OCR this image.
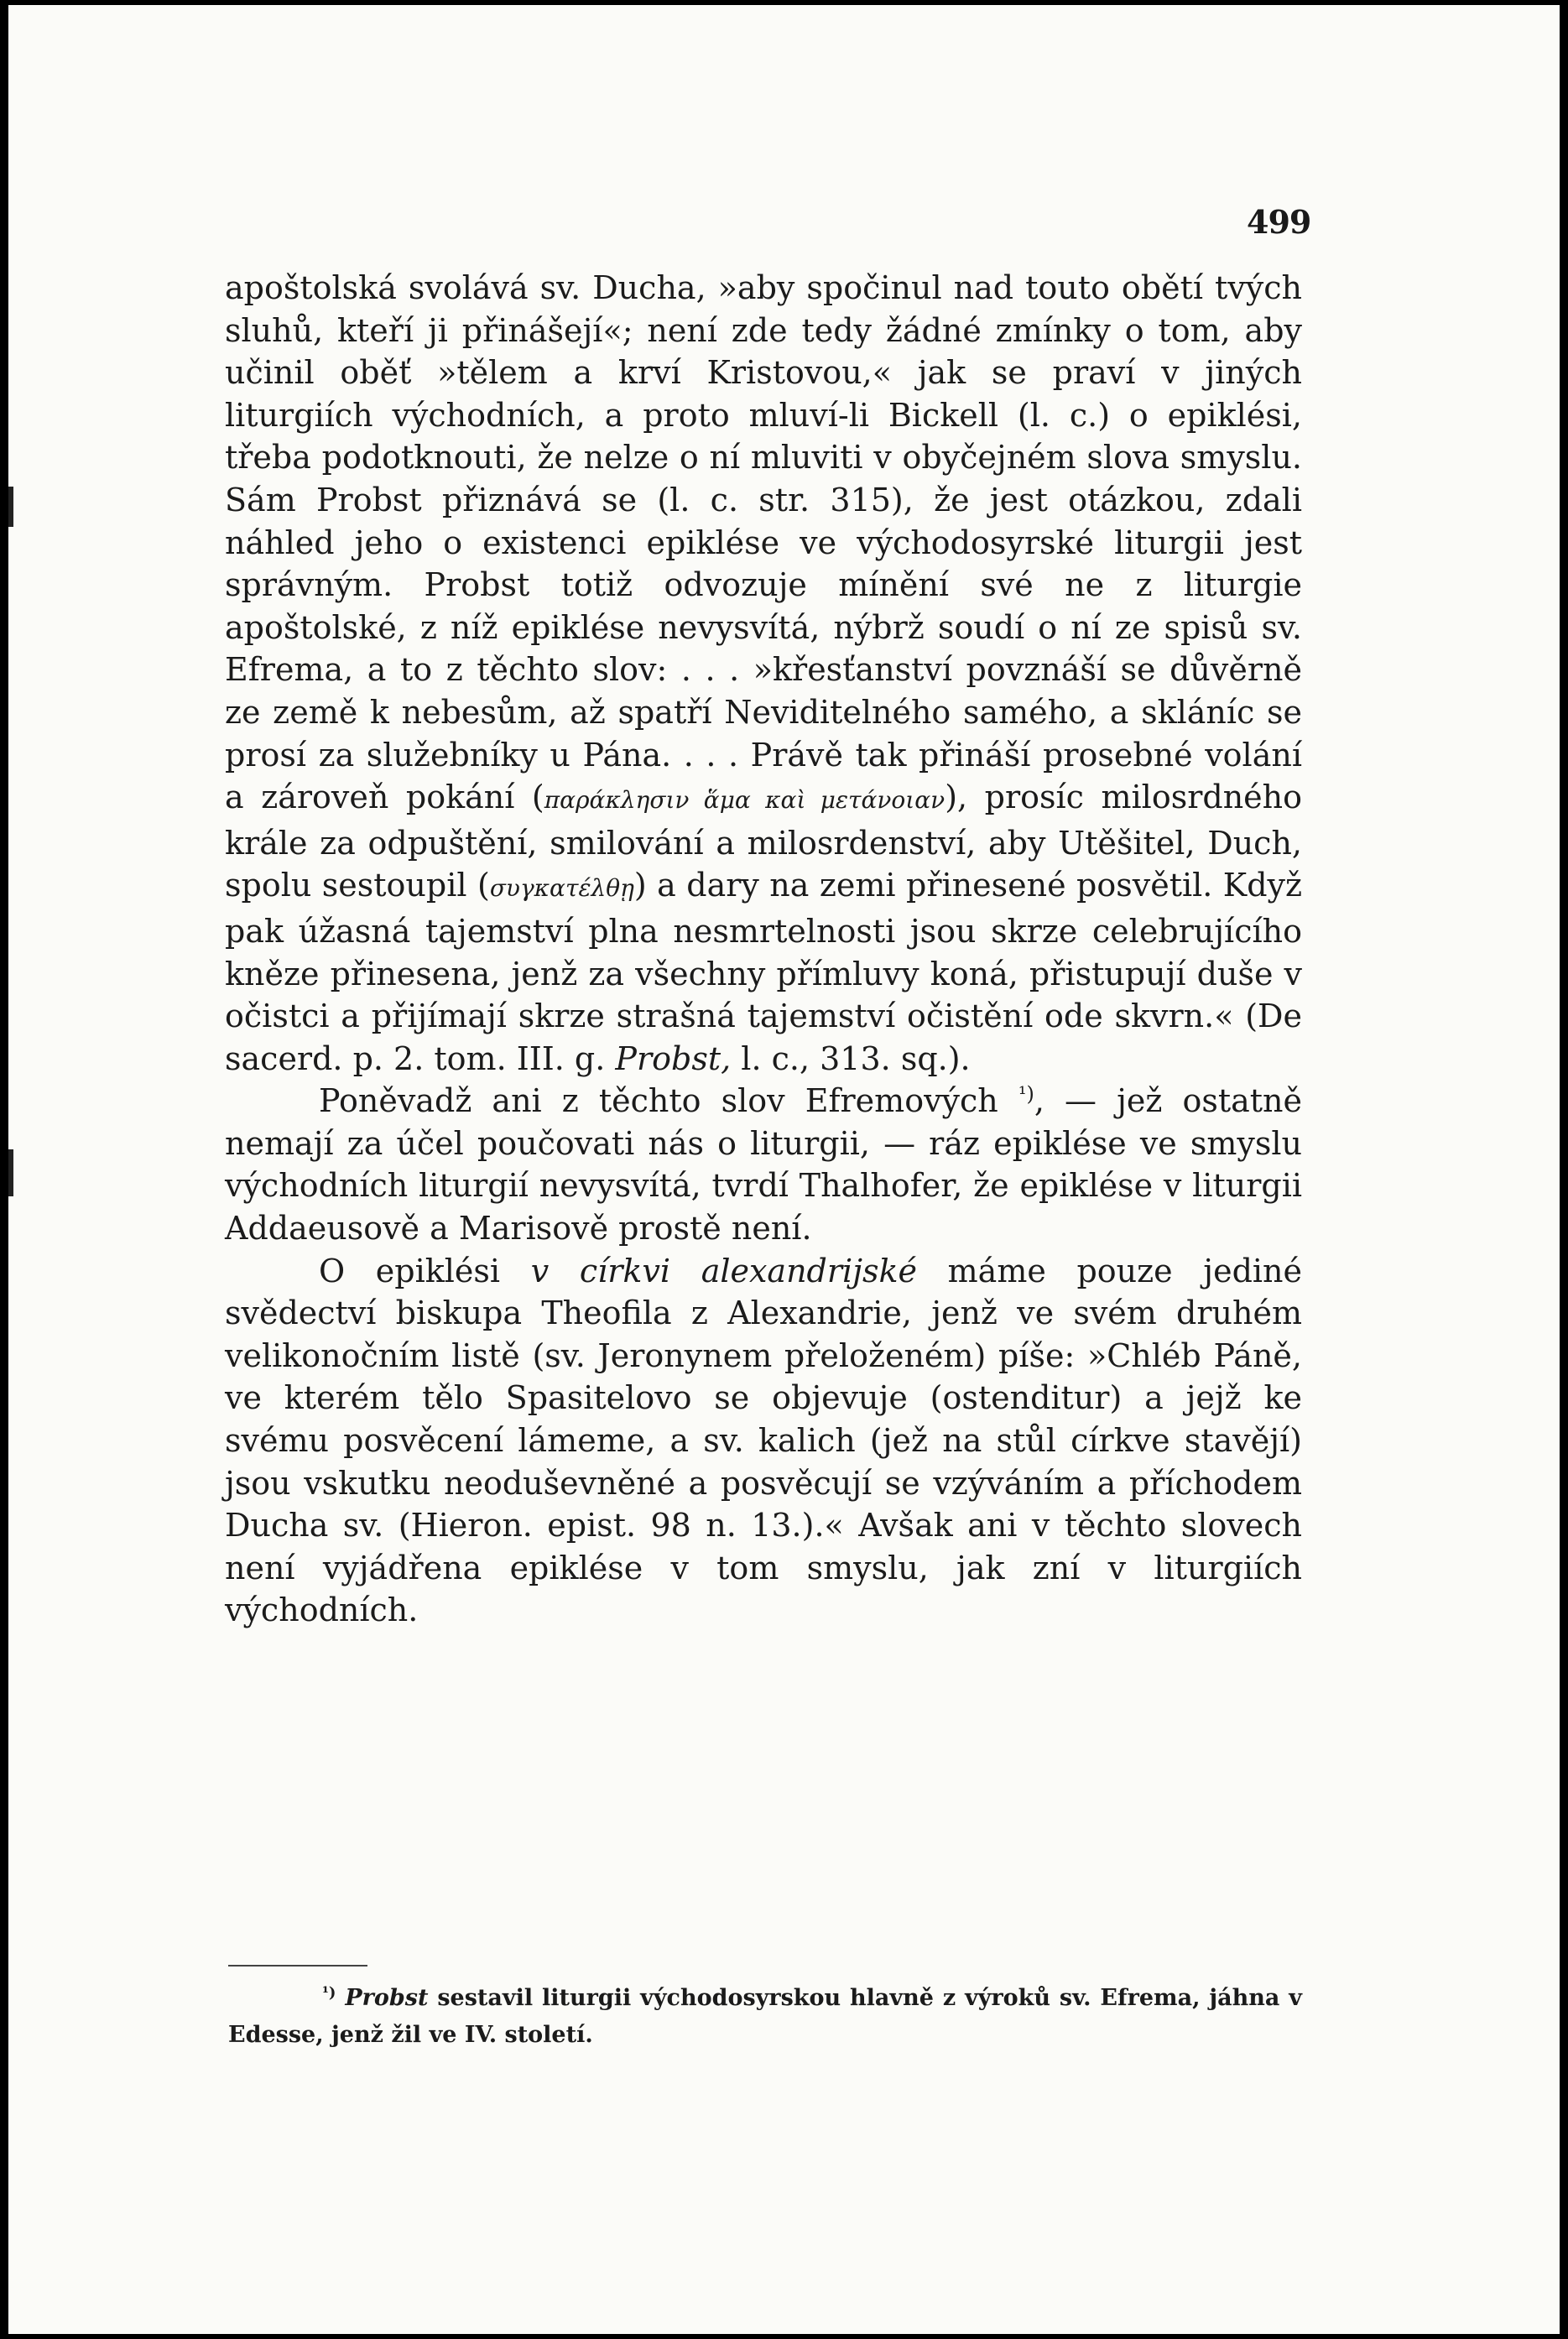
499

apoštolská svolává sv. Ducha, »aby spočinul nad touto obětí tvých sluhů, kteří ji přinášejí«; není zde tedy žádné zmínky o tom, aby učinil oběť »tělem a krví Kristovou,« jak se praví v jiných liturgiích východních, a proto mluví-li Bickell (l. c.) o epiklési, třeba podotknouti, že nelze o ní mluviti v obyčejném slova smyslu. Sám Probst přiznává se (l. c. str. 315), že jest otázkou, zdali náhled jeho o existenci epiklése ve východosyrské liturgii jest správným. Probst totiž odvozuje mínění své ne z liturgie apoštolské, z níž epiklése nevysvítá, nýbrž soudí o ní ze spisů sv. Efrema, a to z těchto slov: . . . »křesťanství povznáší se důvěrně ze země k nebesům, až spatří Neviditelného samého, a skláníc se prosí za služebníky u Pána. . . . Právě tak přináší prosebné volání a zároveň pokání (παράκλησιν ἅμα καὶ μετάνοιαν), prosíc milosrdného krále za odpuštění, smilování a milosrdenství, aby Utěšitel, Duch, spolu sestoupil (συγκατέλθῃ) a dary na zemi přinesené posvětil. Když pak úžasná tajemství plna nesmrtelnosti jsou skrze celebrujícího kněze přinesena, jenž za všechny přímluvy koná, přistupují duše v očistci a přijímají skrze strašná tajemství očistění ode skvrn.« (De sacerd. p. 2. tom. III. g. Probst, l. c., 313. sq.).

Poněvadž ani z těchto slov Efremových $^{^1)}$, — jež ostatně nemají za účel poučovati nás o liturgii, — ráz epiklése ve smyslu východních liturgií nevysvítá, tvrdí Thalhofer, že epiklése v liturgii Addaeusově a Marisově prostě není.

O epiklési v církvi alexandrijské máme pouze jediné svědectví biskupa Theofila z Alexandrie, jenž ve svém druhém velikonočním listě (sv. Jeronynem přeloženém) píše: »Chléb Páně, ve kterém tělo Spasitelovo se objevuje (ostenditur) a jejž ke svému posvěcení lámeme, a sv. kalich (jež na stůl církve stavějí) jsou vskutku neoduševněné a posvěcují se vzýváním a příchodem Ducha sv. (Hieron. epist. 98 n. 13.).« Avšak ani v těchto slovech není vyjádřena epiklése v tom smyslu, jak zní v liturgiích východních.

$^{^1)}$ Probst sestavil liturgii východosyrskou hlavně z výroků sv. Efrema, jáhna v Edesse, jenž žil ve IV. století.
